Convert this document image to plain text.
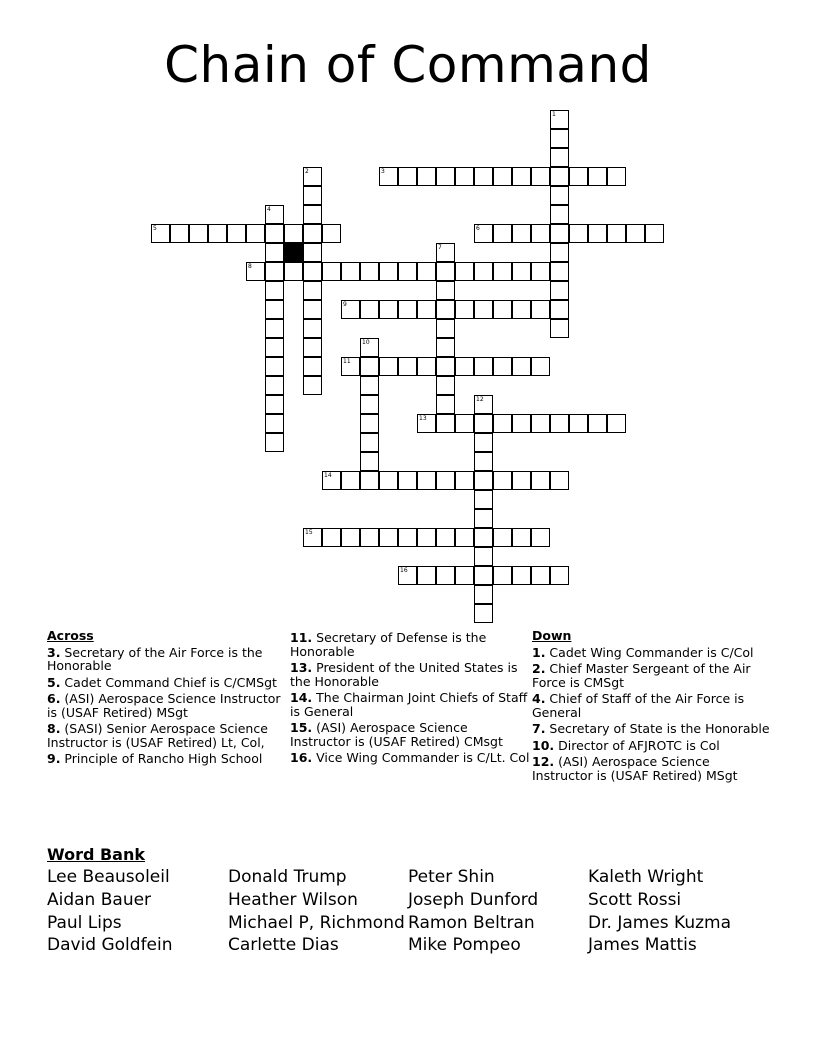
Chain of Command
3
5	6
8
9
11
13
14
15
16
1
2
4
7
10
12
Across
3. Secretary of the Air Force is the Honorable
5. Cadet Command Chief is C/CMSgt
6. (ASI) Aerospace Science Instructor is (USAF Retired) MSgt
8. (SASI) Senior Aerospace Science Instructor is (USAF Retired) Lt, Col,
9. Principle of Rancho High School
11. Secretary of Defense is the Honorable
13. President of the United States is the Honorable
14. The Chairman Joint Chiefs of Staff is General
15. (ASI) Aerospace Science Instructor is (USAF Retired) CMsgt
16. Vice Wing Commander is C/Lt. Col
Down
1. Cadet Wing Commander is C/Col
2. Chief Master Sergeant of the Air Force is CMSgt
4. Chief of Staff of the Air Force is General
7. Secretary of State is the Honorable
10. Director of AFJROTC is Col
12. (ASI) Aerospace Science Instructor is (USAF Retired) MSgt
Word Bank
Lee Beausoleil
Aidan Bauer
Paul Lips
David Goldfein
Donald Trump
Heather Wilson
Michael P, Richmond
Carlette Dias
Peter Shin
Joseph Dunford
Ramon Beltran
Mike Pompeo
Kaleth Wright
Scott Rossi
Dr. James Kuzma
James Mattis
